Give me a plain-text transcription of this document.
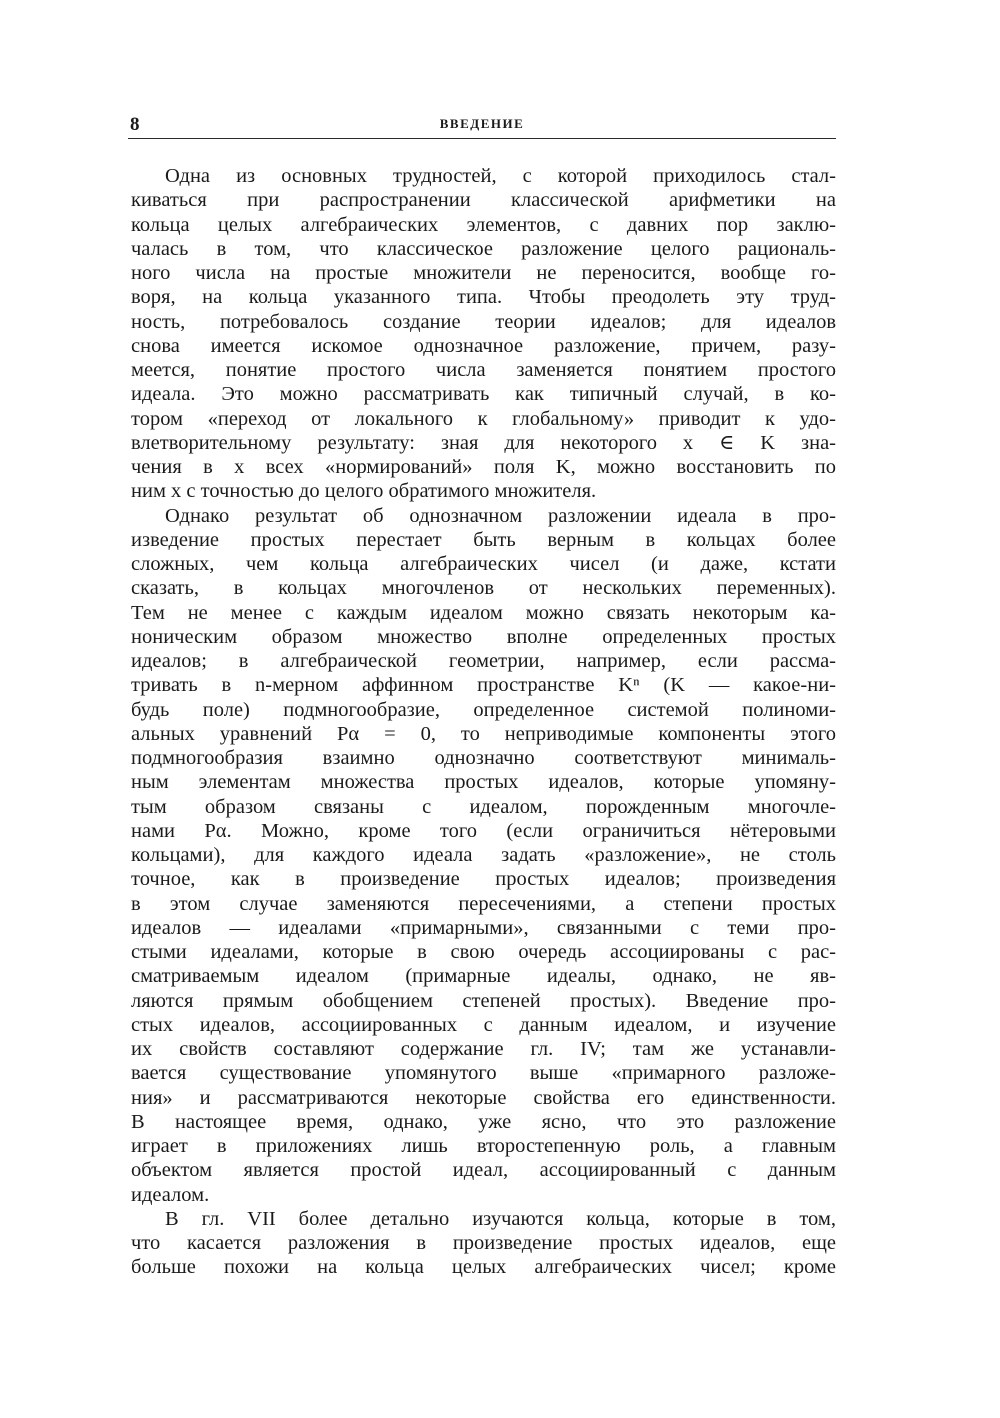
8	ВВЕДЕНИЕ
Одна из основных трудностей, с которой приходилось стал-
киваться при распространении классической арифметики на
кольца целых алгебраических элементов, с давних пор заклю-
чалась в том, что классическое разложение целого рациональ-
ного числа на простые множители не переносится, вообще го-
воря, на кольца указанного типа. Чтобы преодолеть эту труд-
ность, потребовалось создание теории идеалов; для идеалов
снова имеется искомое однозначное разложение, причем, разу-
меется, понятие простого числа заменяется понятием простого
идеала. Это можно рассматривать как типичный случай, в ко-
тором «переход от локального к глобальному» приводит к удо-
влетворительному результату: зная для некоторого x ∈ K зна-
чения в x всех «нормирований» поля K, можно восстановить по
ним x с точностью до целого обратимого множителя.
Однако результат об однозначном разложении идеала в про-
изведение простых перестает быть верным в кольцах более
сложных, чем кольца алгебраических чисел (и даже, кстати
сказать, в кольцах многочленов от нескольких переменных).
Тем не менее с каждым идеалом можно связать некоторым ка-
ноническим образом множество вполне определенных простых
идеалов; в алгебраической геометрии, например, если рассма-
тривать в n-мерном аффинном пространстве Kⁿ (K — какое-ни-
будь поле) подмногообразие, определенное системой полиноми-
альных уравнений Pα = 0, то неприводимые компоненты этого
подмногообразия взаимно однозначно соответствуют минималь-
ным элементам множества простых идеалов, которые упомяну-
тым образом связаны с идеалом, порожденным многочле-
нами Pα. Можно, кроме того (если ограничиться нётеровыми
кольцами), для каждого идеала задать «разложение», не столь
точное, как в произведение простых идеалов; произведения
в этом случае заменяются пересечениями, а степени простых
идеалов — идеалами «примарными», связанными с теми про-
стыми идеалами, которые в свою очередь ассоциированы с рас-
сматриваемым идеалом (примарные идеалы, однако, не яв-
ляются прямым обобщением степеней простых). Введение про-
стых идеалов, ассоциированных с данным идеалом, и изучение
их свойств составляют содержание гл. IV; там же устанавли-
вается существование упомянутого выше «примарного разложе-
ния» и рассматриваются некоторые свойства его единственности.
В настоящее время, однако, уже ясно, что это разложение
играет в приложениях лишь второстепенную роль, а главным
объектом является простой идеал, ассоциированный с данным
идеалом.
В гл. VII более детально изучаются кольца, которые в том,
что касается разложения в произведение простых идеалов, еще
больше похожи на кольца целых алгебраических чисел; кроме
